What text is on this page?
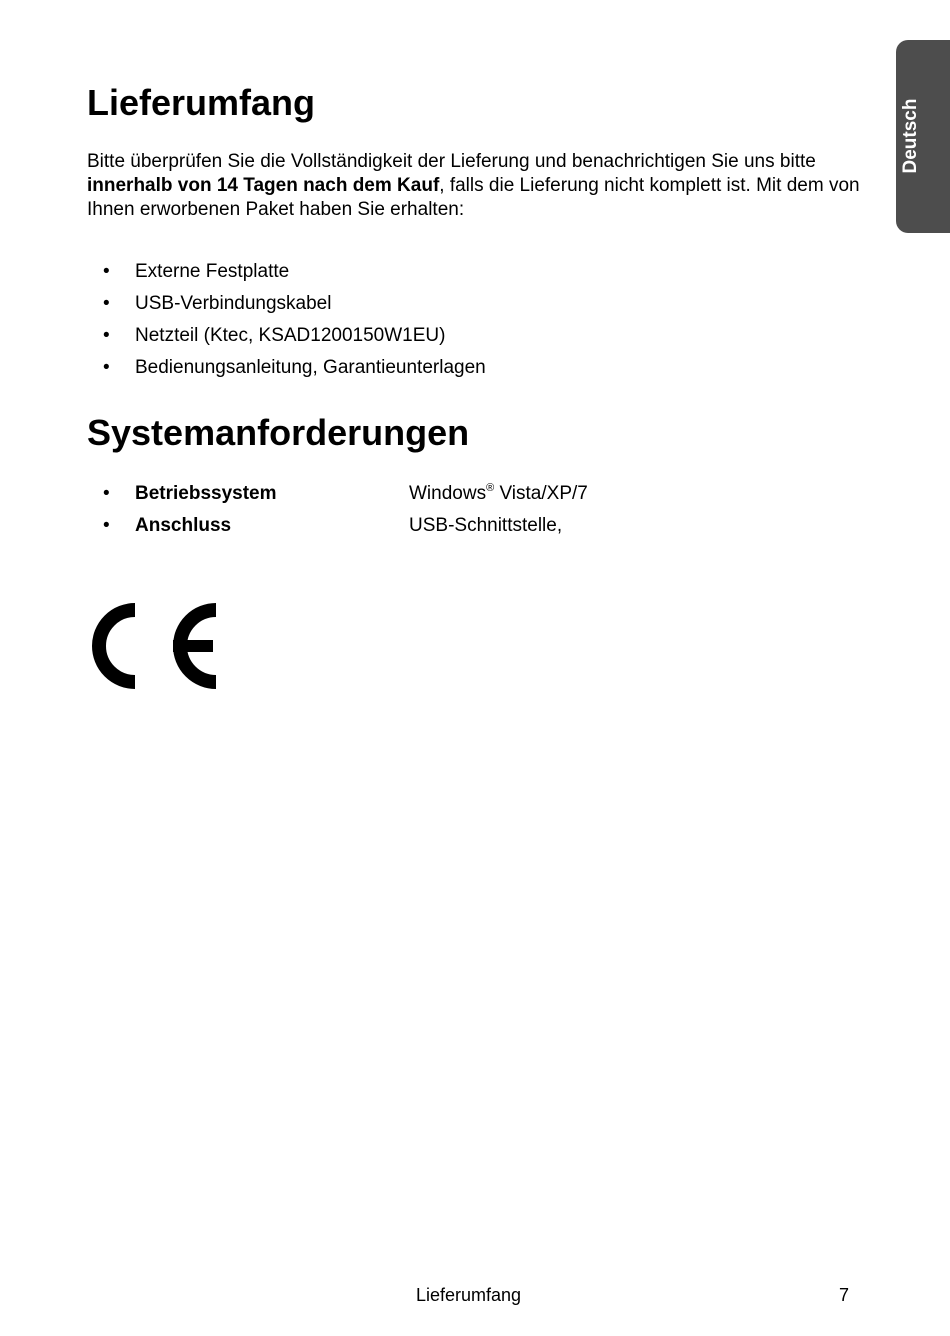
Deutsch
Lieferumfang

Bitte überprüfen Sie die Vollständigkeit der Lieferung und benachrichtigen Sie uns bitte innerhalb von 14 Tagen nach dem Kauf, falls die Lieferung nicht komplett ist. Mit dem von Ihnen erworbenen Paket haben Sie erhalten:

• Externe Festplatte
• USB-Verbindungskabel
• Netzteil (Ktec, KSAD1200150W1EU)
• Bedienungsanleitung, Garantieunterlagen
Systemanforderungen
• Betriebssystem	Windows® Vista/XP/7
• Anschluss	USB-Schnittstelle,
Lieferumfang	7
